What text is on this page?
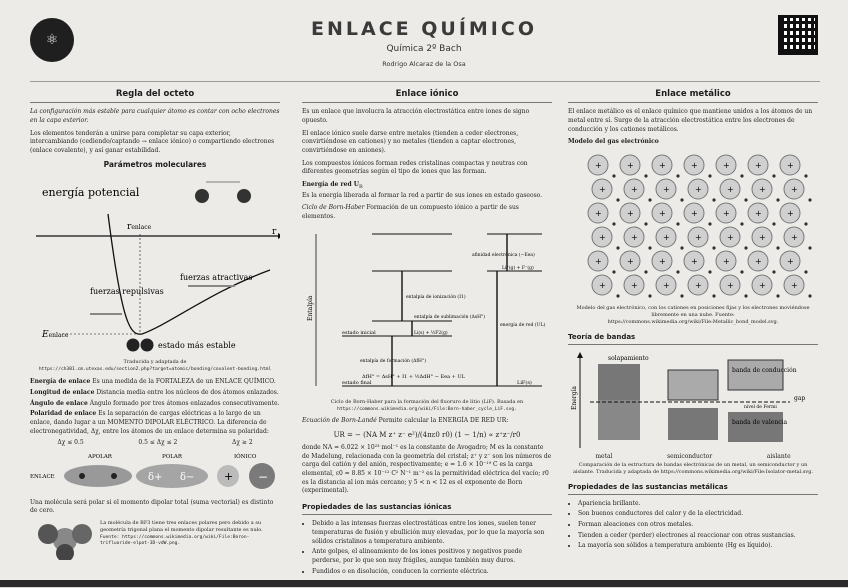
⚛	ENLACE QUÍMICO
Química 2º Bach
Rodrigo Alcaraz de la Osa
Regla del octeto

La configuración más estable para cualquier átomo es contar con ocho electrones en la capa exterior.

Los elementos tenderán a unirse para completar su capa exterior, intercambiando (cediendo/captando → enlace iónico) o compartiendo electrones (enlace covalente), y así ganar estabilidad.

Parámetros moleculares
energía potencial
r
renlace
Eenlace
fuerzas atractivas
fuerzas repulsivas
estado más estable
Traducida y adaptada de
https://ch301.cm.utexas.edu/section2.php?target=atomic/bonding/covalent-bonding.html

Energía de enlace Es una medida de la FORTALEZA de un ENLACE QUÍMICO.

Longitud de enlace Distancia media entre los núcleos de dos átomos enlazados.

Ángulo de enlace Ángulo formado por tres átomos enlazados consecutivamente.

Polaridad de enlace Es la separación de cargas eléctricas a lo largo de un enlace, dando lugar a un MOMENTO DIPOLAR ELÉCTRICO. La diferencia de electronegatividad, Δχ, entre los átomos de un enlace determina su polaridad:

Δχ ≤ 0.5	0.5 ≤ Δχ ≤ 2	Δχ ≥ 2
APOLAR	POLAR	IÓNICO
ENLACE	δ+ δ−	+ −

Una molécula será polar si el momento dipolar total (suma vectorial) es distinto de cero.

La molécula de BF3 tiene tres enlaces polares pero debido a su geometría trigonal plana el momento dipolar resultante es nulo.
Fuente: https://commons.wikimedia.org/wiki/File:Boron-trifluoride-elpot-3D-vdW.png.
Enlace iónico

Es un enlace que involucra la atracción electrostática entre iones de signo opuesto.

El enlace iónico suele darse entre metales (tienden a ceder electrones, convirtiéndose en cationes) y no metales (tienden a captar electrones, convirtiéndose en aniones).

Los compuestos iónicos forman redes cristalinas compactas y neutras con diferentes geometrías según el tipo de iones que las forman.

Energía de red $U_R$
Es la energía liberada al formar la red a partir de sus iones en estado gaseoso.

Ciclo de Born-Haber Formación de un compuesto iónico a partir de sus elementos.

Entalpía
estado inicial
estado final
entalpía de ionización (I1)
entalpía de sublimación (ΔsH°)
entalpía de formación (ΔfH°)
afinidad electrónica (−Eea)
energía de red (UL)
LiF(s)
Li⁺(g) + F⁻(g)
Li(s) + ½F2(g)
ΔfH° = ΔsH° + I1 + ½ΔdH° − Eea + UL
Ciclo de Born-Haber para la formación del fluoruro de litio (LiF). Basada en
https://commons.wikimedia.org/wiki/File:Born-haber_cycle_LiF.svg.

Ecuación de Born-Landé Permite calcular la ENERGÍA DE RED UR:

UR = − (NA M z⁺ z⁻ e²)/(4πε0 r0) (1 − 1/n) ∝ z⁺z⁻/r0

donde NA = 6.022 × 10²³ mol⁻¹ es la constante de Avogadro; M es la constante de Madelung, relacionada con la geometría del cristal; z⁺ y z⁻ son los números de carga del catión y del anión, respectivamente; e = 1.6 × 10⁻¹⁹ C es la carga elemental, ε0 = 8.85 × 10⁻¹² C² N⁻¹ m⁻² es la permitividad eléctrica del vacío; r0 es la distancia al ion más cercano; y 5 < n < 12 es el exponente de Born (experimental).

Propiedades de las sustancias iónicas
• Debido a las intensas fuerzas electrostáticas entre los iones, suelen tener temperaturas de fusión y ebullición muy elevadas, por lo que la mayoría son sólidos cristalinos a temperatura ambiente.
• Ante golpes, el alineamiento de los iones positivos y negativos puede perderse, por lo que son muy frágiles, aunque también muy duros.
• Fundidos o en disolución, conducen la corriente eléctrica.
Enlace metálico

El enlace metálico es el enlace químico que mantiene unidos a los átomos de un metal entre sí. Surge de la atracción electrostática entre los electrones de conducción y los cationes metálicos.

Modelo del gas electrónico

+	+	+	+	+	+	+
+	+	+	+	+	+	+
+	+	+	+	+	+	+
+	+	+	+	+	+	+
+	+	+	+	+	+	+
+	+	+	+	+	+	+
Modelo del gas electrónico, con los cationes en posiciones fijas y los electrones moviéndose libremente en una nube. Fuente: https://commons.wikimedia.org/wiki/File:Metallic_bond_model.svg.
Teoría de bandas
Energía
solapamiento
banda de conducción
banda de valencia
gap
nivel de Fermi
metal	semiconductor	aislante
Comparación de la estructura de bandas electrónicas de un metal, un semiconductor y un aislante. Traducida y adaptada de https://commons.wikimedia.org/wiki/File:Isolator-metal.svg.
Propiedades de las sustancias metálicas
• Apariencia brillante.
• Son buenos conductores del calor y de la electricidad.
• Forman aleaciones con otros metales.
• Tienden a ceder (perder) electrones al reaccionar con otras sustancias.
• La mayoría son sólidos a temperatura ambiente (Hg es líquido).
